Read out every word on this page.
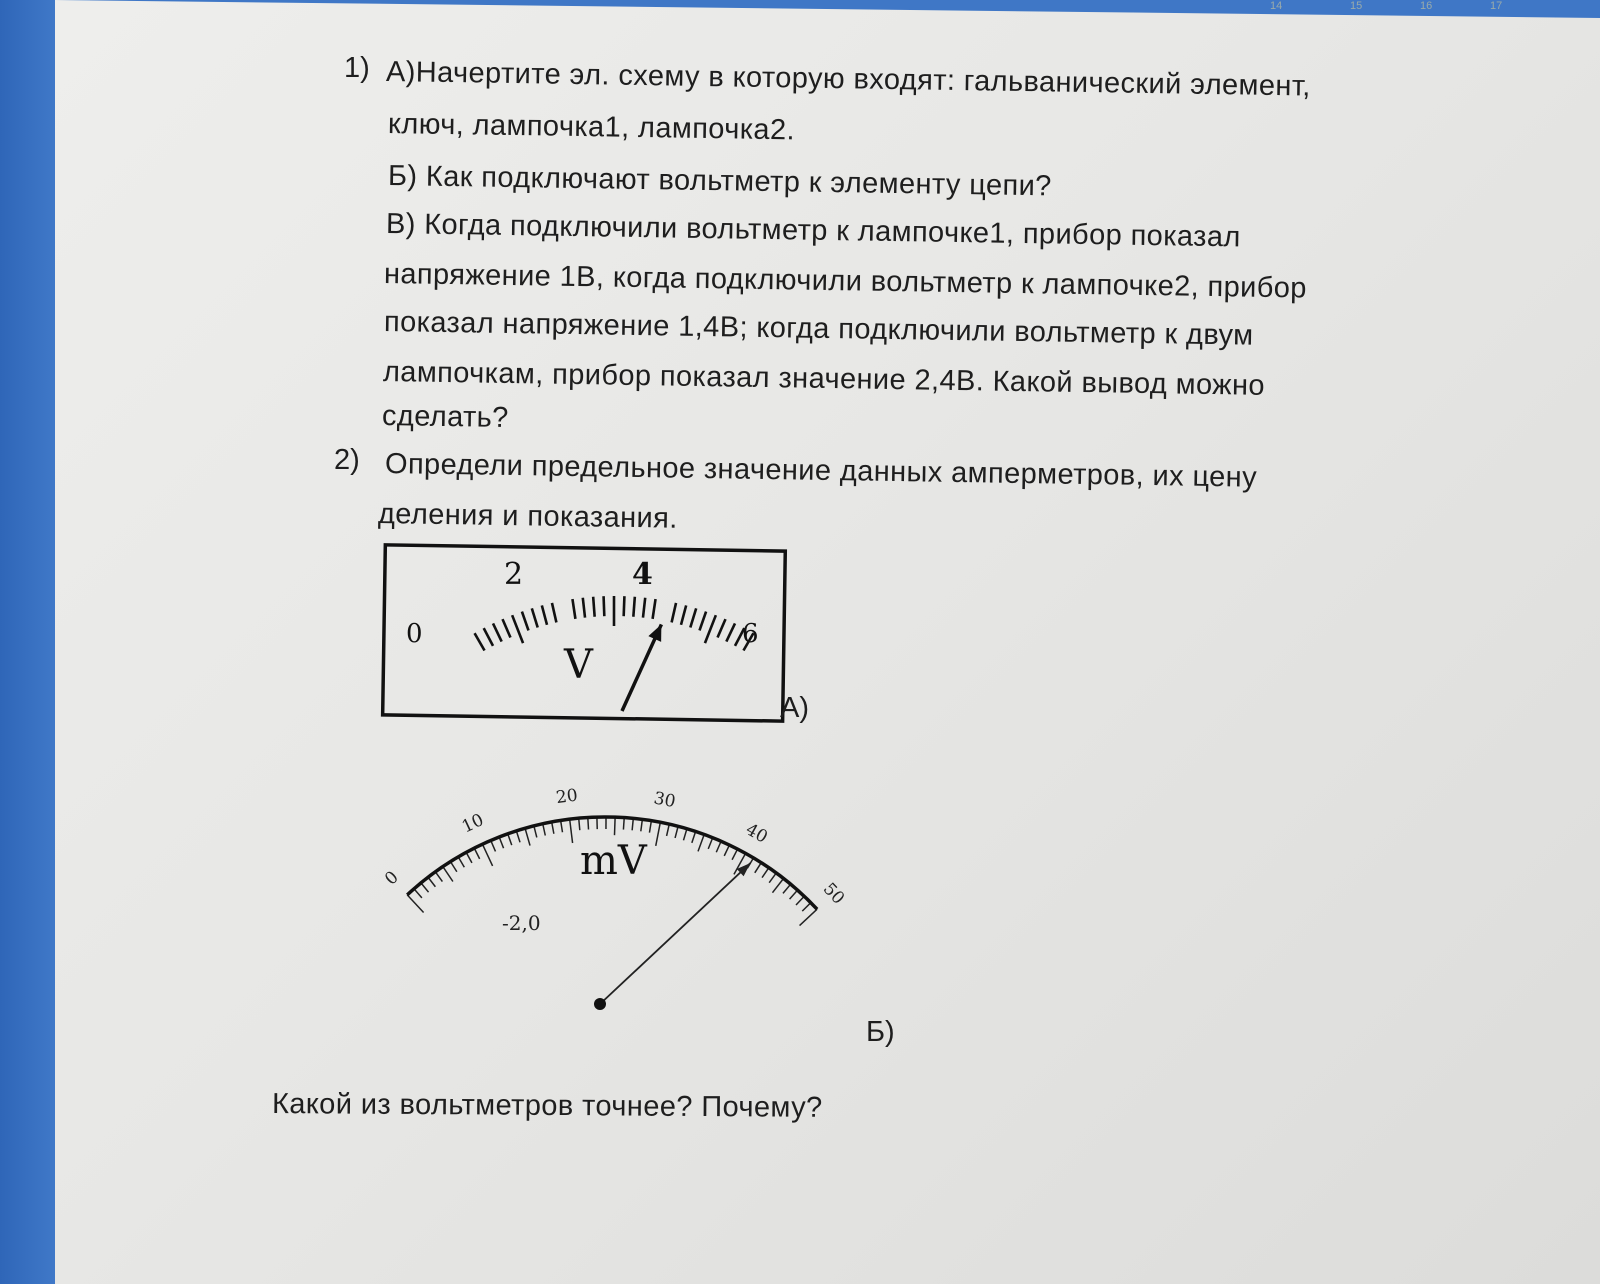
14	15	16	17
1) А)Начертите эл. схему в которую входят: гальванический элемент,
ключ, лампочка1, лампочка2.
Б) Как подключают вольтметр к элементу цепи?
В) Когда подключили вольтметр к лампочке1, прибор показал
напряжение 1В, когда подключили вольтметр к лампочке2, прибор
показал напряжение 1,4В; когда подключили вольтметр к двум
лампочкам, прибор показал значение 2,4В. Какой вывод можно
сделать?
2) Определи предельное значение данных амперметров, их цену
деления и показания.
0
2	4
6
V
А)
0
10
20	30
40
50
mV
-2,0
Б)
Какой из вольтметров точнее? Почему?
